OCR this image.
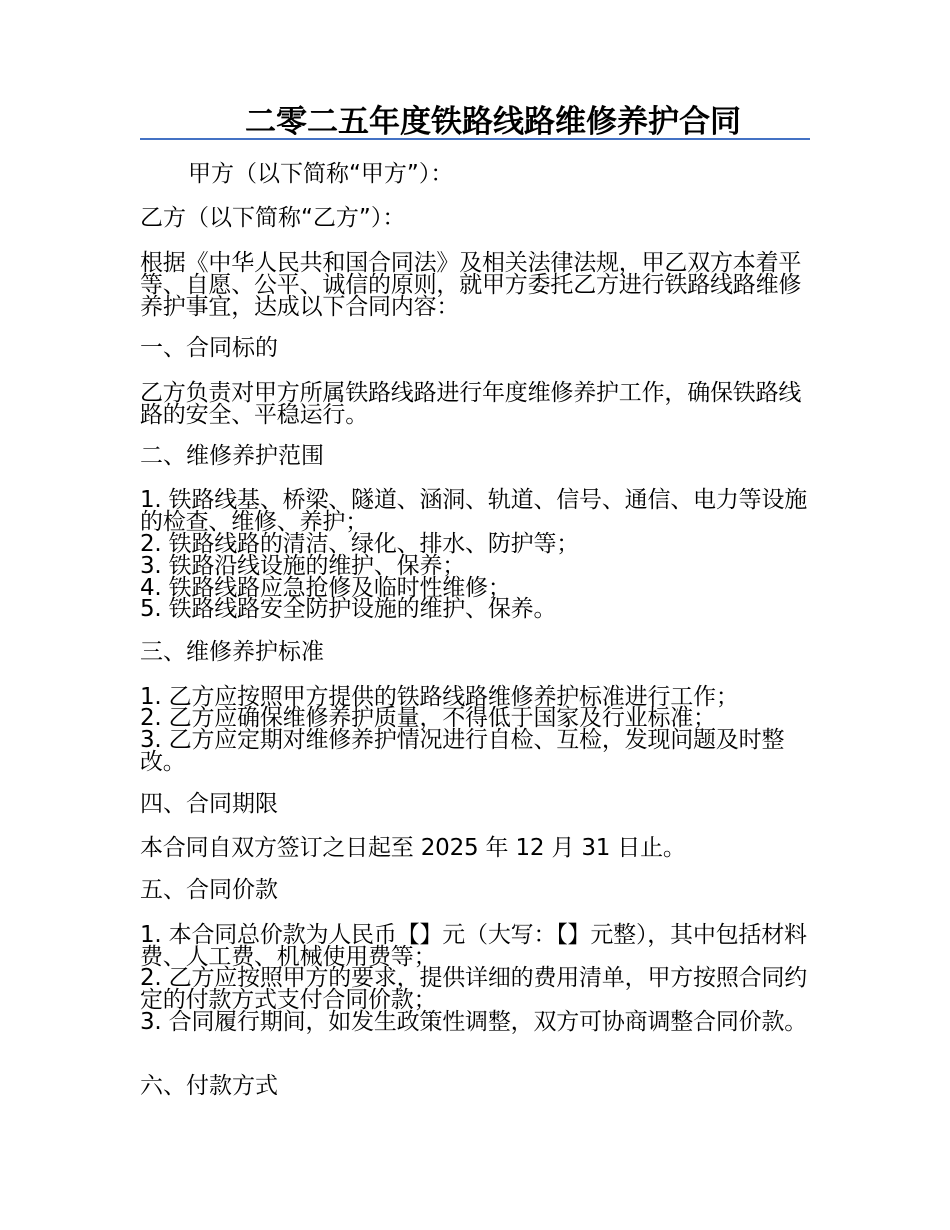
二零二五年度铁路线路维修养护合同

甲方（以下简称“甲方”）：

乙方（以下简称“乙方”）：

根据《中华人民共和国合同法》及相关法律法规，甲乙双方本着平等、自愿、公平、诚信的原则，就甲方委托乙方进行铁路线路维修养护事宜，达成以下合同内容：

一、合同标的

乙方负责对甲方所属铁路线路进行年度维修养护工作，确保铁路线路的安全、平稳运行。

二、维修养护范围

1. 铁路线基、桥梁、隧道、涵洞、轨道、信号、通信、电力等设施的检查、维修、养护；

2. 铁路线路的清洁、绿化、排水、防护等；

3. 铁路沿线设施的维护、保养；

4. 铁路线路应急抢修及临时性维修；

5. 铁路线路安全防护设施的维护、保养。

三、维修养护标准

1. 乙方应按照甲方提供的铁路线路维修养护标准进行工作；

2. 乙方应确保维修养护质量，不得低于国家及行业标准；

3. 乙方应定期对维修养护情况进行自检、互检，发现问题及时整改。

四、合同期限

本合同自双方签订之日起至 2025 年 12 月 31 日止。

五、合同价款

1. 本合同总价款为人民币【】元（大写：【】元整），其中包括材料费、人工费、机械使用费等；

2. 乙方应按照甲方的要求，提供详细的费用清单，甲方按照合同约定的付款方式支付合同价款；

3. 合同履行期间，如发生政策性调整，双方可协商调整合同价款。

六、付款方式
